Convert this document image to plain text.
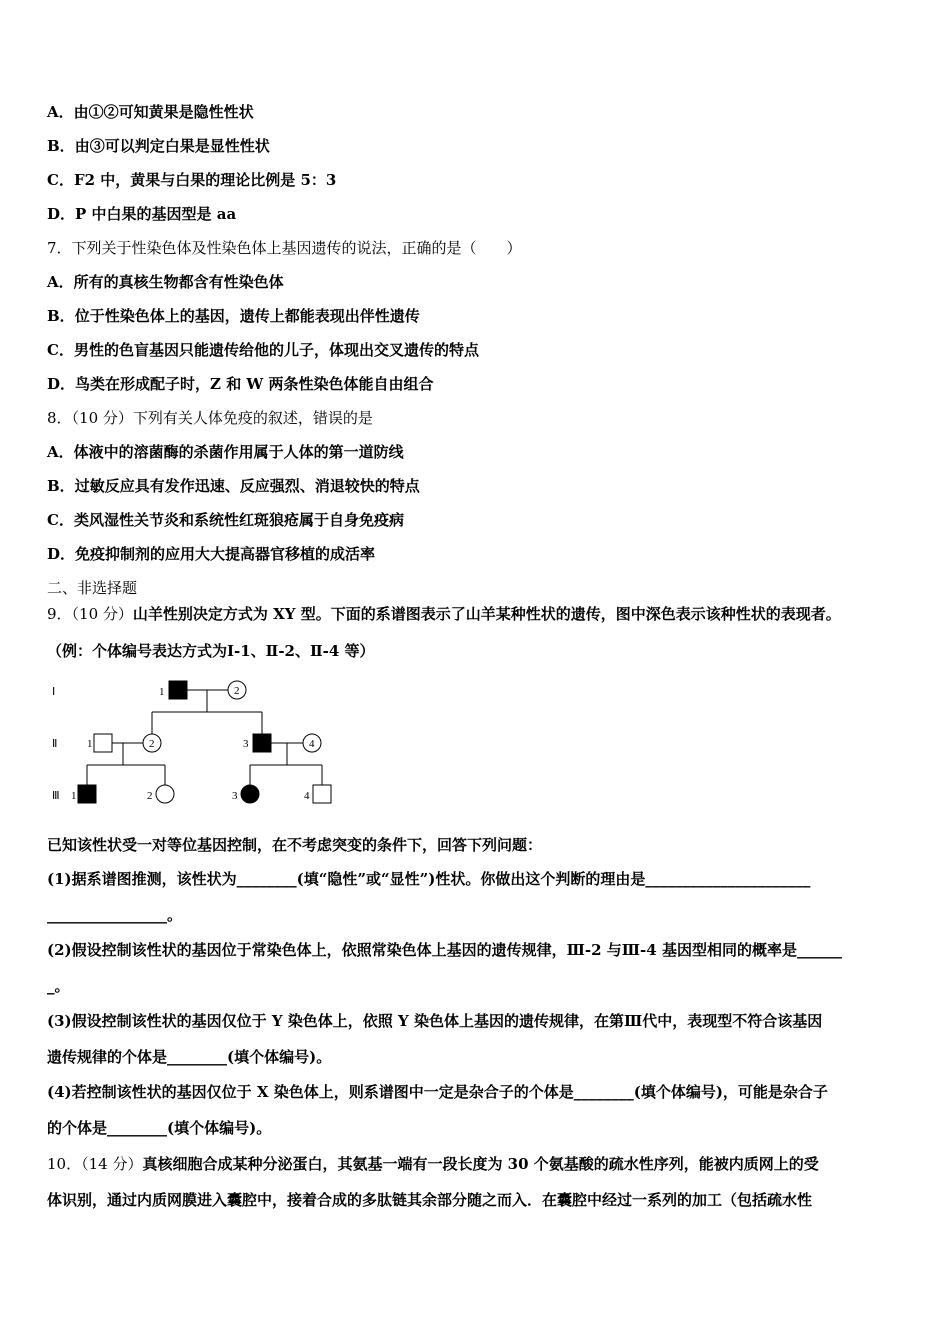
A．由①②可知黄果是隐性性状
B．由③可以判定白果是显性性状
C．F2 中，黄果与白果的理论比例是 5：3
D．P 中白果的基因型是 aa
7．下列关于性染色体及性染色体上基因遗传的说法，正确的是（　　）
A．所有的真核生物都含有性染色体
B．位于性染色体上的基因，遗传上都能表现出伴性遗传
C．男性的色盲基因只能遗传给他的儿子，体现出交叉遗传的特点
D．鸟类在形成配子时，Z 和 W 两条性染色体能自由组合
8．（10 分）下列有关人体免疫的叙述，错误的是
A．体液中的溶菌酶的杀菌作用属于人体的第一道防线
B．过敏反应具有发作迅速、反应强烈、消退较快的特点
C．类风湿性关节炎和系统性红斑狼疮属于自身免疫病
D．免疫抑制剂的应用大大提高器官移植的成活率
二、非选择题
9．（10 分）山羊性别决定方式为 XY 型。下面的系谱图表示了山羊某种性状的遗传，图中深色表示该种性状的表现者。
（例：个体编号表达方式为Ⅰ-1、Ⅱ-2、Ⅱ-4 等）
Ⅰ
Ⅱ
Ⅲ
1	2
1	2	3	4
1	2	3	4
已知该性状受一对等位基因控制，在不考虑突变的条件下，回答下列问题：
(1)据系谱图推测，该性状为________(填“隐性”或“显性”)性状。你做出这个判断的理由是______________________
________________。
(2)假设控制该性状的基因位于常染色体上，依照常染色体上基因的遗传规律，Ⅲ-2 与Ⅲ-4 基因型相同的概率是______
_。
(3)假设控制该性状的基因仅位于 Y 染色体上，依照 Y 染色体上基因的遗传规律，在第Ⅲ代中，表现型不符合该基因
遗传规律的个体是________(填个体编号)。
(4)若控制该性状的基因仅位于 X 染色体上，则系谱图中一定是杂合子的个体是________(填个体编号)，可能是杂合子
的个体是________(填个体编号)。
10．（14 分）真核细胞合成某种分泌蛋白，其氨基一端有一段长度为 30 个氨基酸的疏水性序列，能被内质网上的受
体识别，通过内质网膜进入囊腔中，接着合成的多肽链其余部分随之而入．在囊腔中经过一系列的加工（包括疏水性
